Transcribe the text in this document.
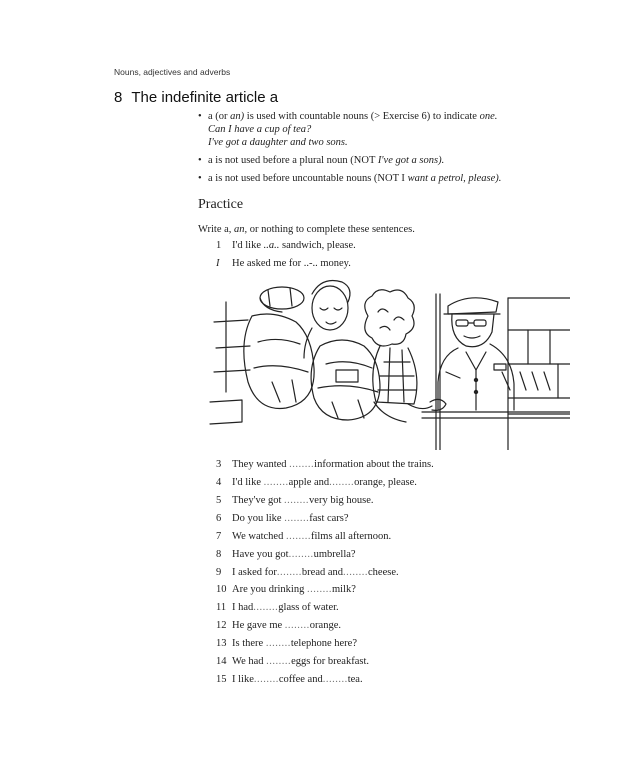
Nouns, adjectives and adverbs
8 The indefinite article a
• a (or an) is used with countable nouns (> Exercise 6) to indicate one.
Can I have a cup of tea?
I've got a daughter and two sons.
• a is not used before a plural noun (NOT I've got a sons).
• a is not used before uncountable nouns (NOT I want a petrol, please).
Practice
Write a, an, or nothing to complete these sentences.
1 I'd like ..a.. sandwich, please.
I He asked me for ..-.. money.
3 They wanted ........information about the trains.
4 I'd like ........apple and........orange, please.
5 They've got ........very big house.
6 Do you like ........fast cars?
7 We watched ........films all afternoon.
8 Have you got........umbrella?
9 I asked for........bread and........cheese.
10 Are you drinking ........milk?
11 I had........glass of water.
12 He gave me ........orange.
13 Is there ........telephone here?
14 We had ........eggs for breakfast.
15 I like........coffee and........tea.
